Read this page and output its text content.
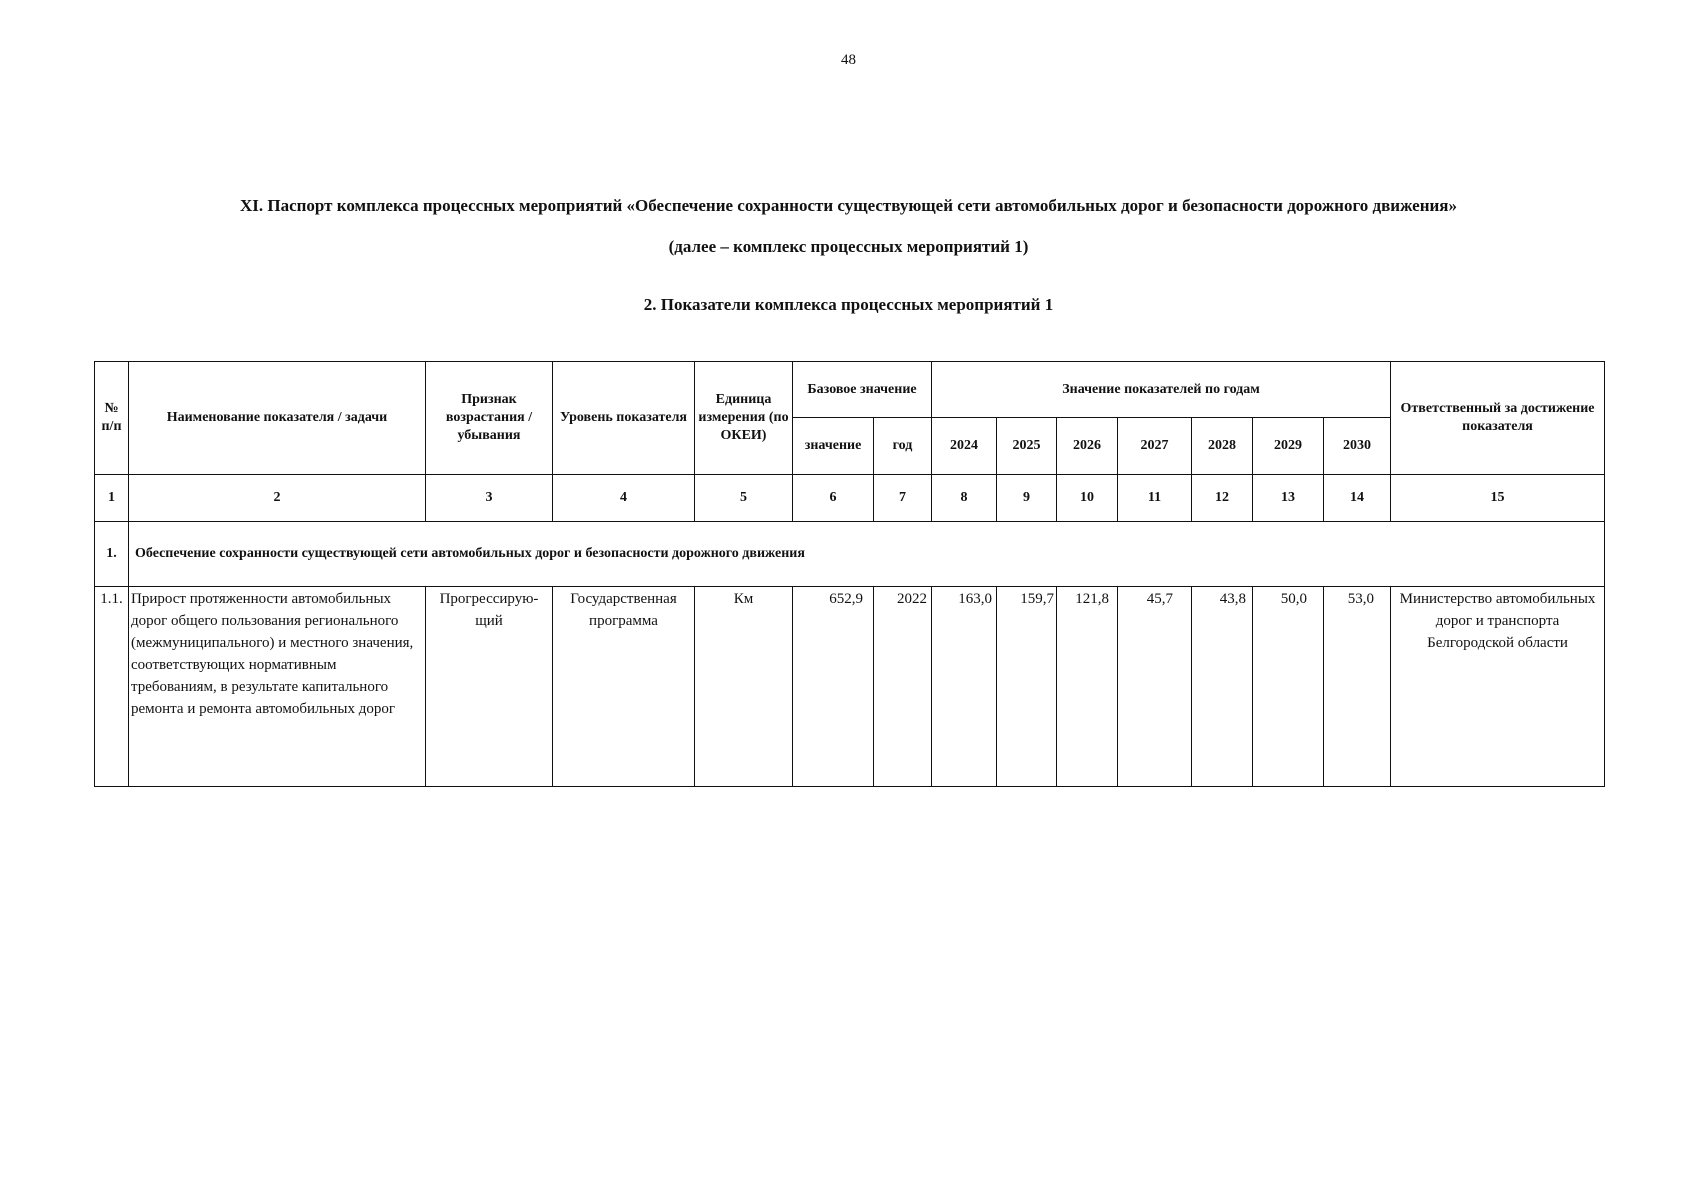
48
XI. Паспорт комплекса процессных мероприятий «Обеспечение сохранности существующей сети автомобильных дорог и безопасности дорожного движения»
(далее – комплекс процессных мероприятий 1)
2. Показатели комплекса процессных мероприятий 1
№ п/п	Наименование показателя / задачи	Признак возрастания / убывания	Уровень показателя	Единица измерения (по ОКЕИ)	Базовое значение		Значение показателей по годам							Ответственный за достижение показателя
					значение	год	2024	2025	2026	2027	2028	2029	2030	
1	2	3	4	5	6	7	8	9	10	11	12	13	14	15
1.	Обеспечение сохранности существующей сети автомобильных дорог и безопасности дорожного движения													
1.1.	Прирост протяженности автомобильных дорог общего пользования регионального (межмуниципального) и местного значения, соответствующих нормативным требованиям, в результате капитального ремонта и ремонта автомобильных дорог	Прогрессирую-щий	Государственная программа	Км	652,9	2022	163,0	159,7	121,8	45,7	43,8	50,0	53,0	Министерство автомобильных дорог и транспорта Белгородской области
